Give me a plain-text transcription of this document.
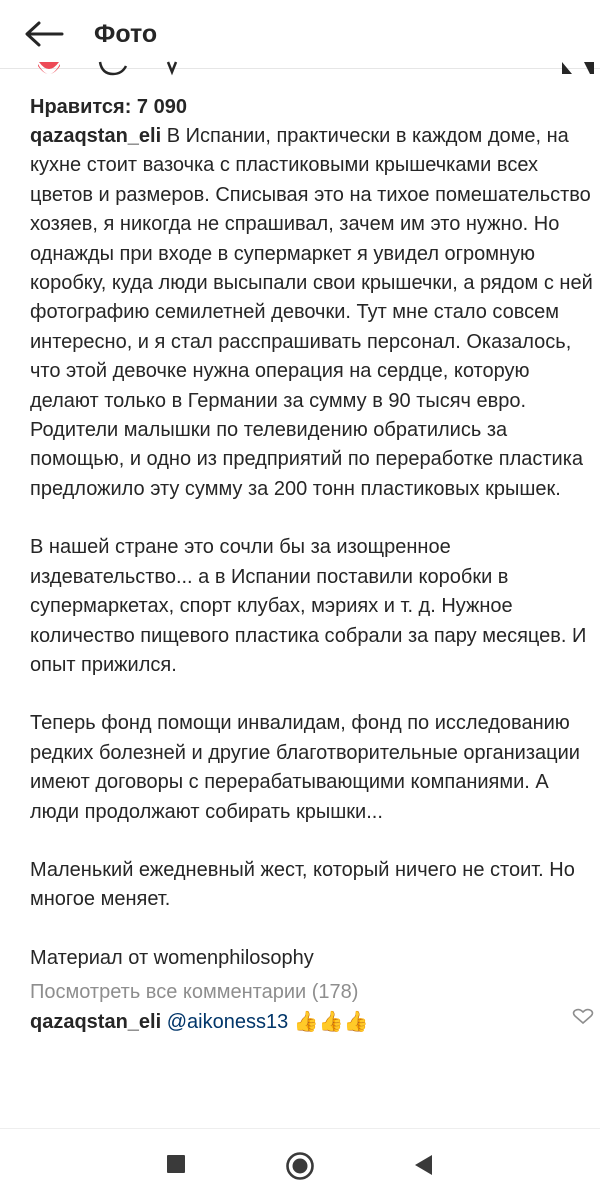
Фото
Нравится: 7 090

qazaqstan_eli В Испании, практически в каждом доме, на кухне стоит вазочка с пластиковыми крышечками всех цветов и размеров. Списывая это на тихое помешательство хозяев, я никогда не спрашивал, зачем им это нужно. Но однажды при входе в супермаркет я увидел огромную коробку, куда люди высыпали свои крышечки, а рядом с ней фотографию семилетней девочки. Тут мне стало совсем интересно, и я стал расспрашивать персонал. Оказалось, что этой девочке нужна операция на сердце, которую делают только в Германии за сумму в 90 тысяч евро. Родители малышки по телевидению обратились за помощью, и одно из предприятий по переработке пластика предложило эту сумму за 200 тонн пластиковых крышек.

В нашей стране это сочли бы за изощренное издевательство... а в Испании поставили коробки в супермаркетах, спорт клубах, мэриях и т. д. Нужное количество пищевого пластика собрали за пару месяцев. И опыт прижился.

Теперь фонд помощи инвалидам, фонд по исследованию редких болезней и другие благотворительные организации имеют договоры с перерабатывающими компаниями. А люди продолжают собирать крышки...

Маленький ежедневный жест, который ничего не стоит. Но многое меняет.

Материал от womenphilosophy

Посмотреть все комментарии (178)
qazaqstan_eli @aikoness13 👍👍👍
